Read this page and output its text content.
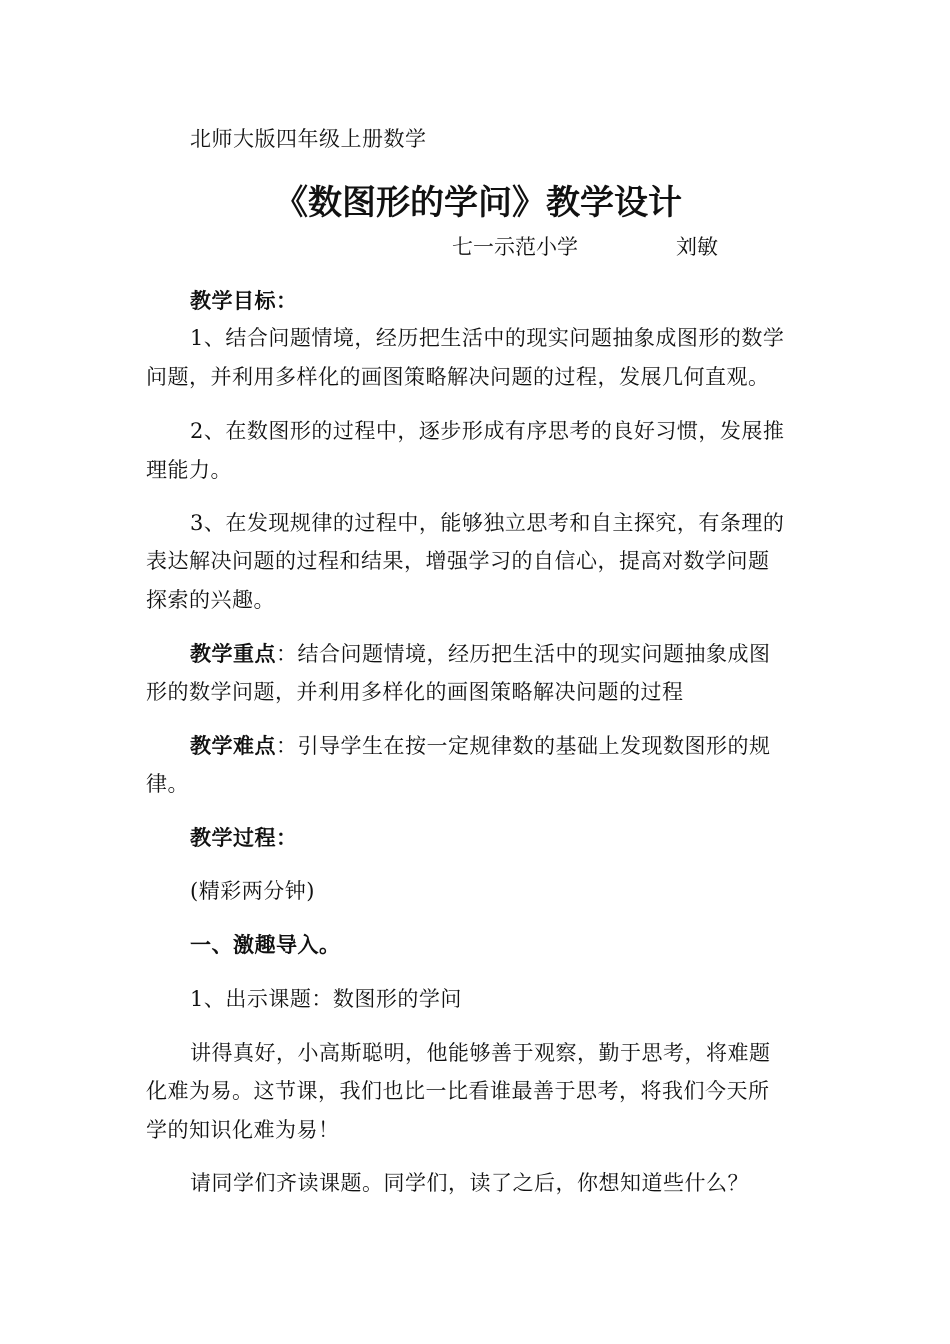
北师大版四年级上册数学
《数图形的学问》教学设计
七一示范小学	刘敏
教学目标：
1、结合问题情境，经历把生活中的现实问题抽象成图形的数学
问题，并利用多样化的画图策略解决问题的过程，发展几何直观。
2、在数图形的过程中，逐步形成有序思考的良好习惯，发展推
理能力。
3、在发现规律的过程中，能够独立思考和自主探究，有条理的
表达解决问题的过程和结果，增强学习的自信心，提高对数学问题
探索的兴趣。
教学重点：结合问题情境，经历把生活中的现实问题抽象成图
形的数学问题，并利用多样化的画图策略解决问题的过程
教学难点：引导学生在按一定规律数的基础上发现数图形的规
律。
教学过程：
(精彩两分钟)
一、激趣导入。
1、出示课题：数图形的学问
讲得真好，小高斯聪明，他能够善于观察，勤于思考，将难题
化难为易。这节课，我们也比一比看谁最善于思考，将我们今天所
学的知识化难为易！
请同学们齐读课题。同学们，读了之后，你想知道些什么？
